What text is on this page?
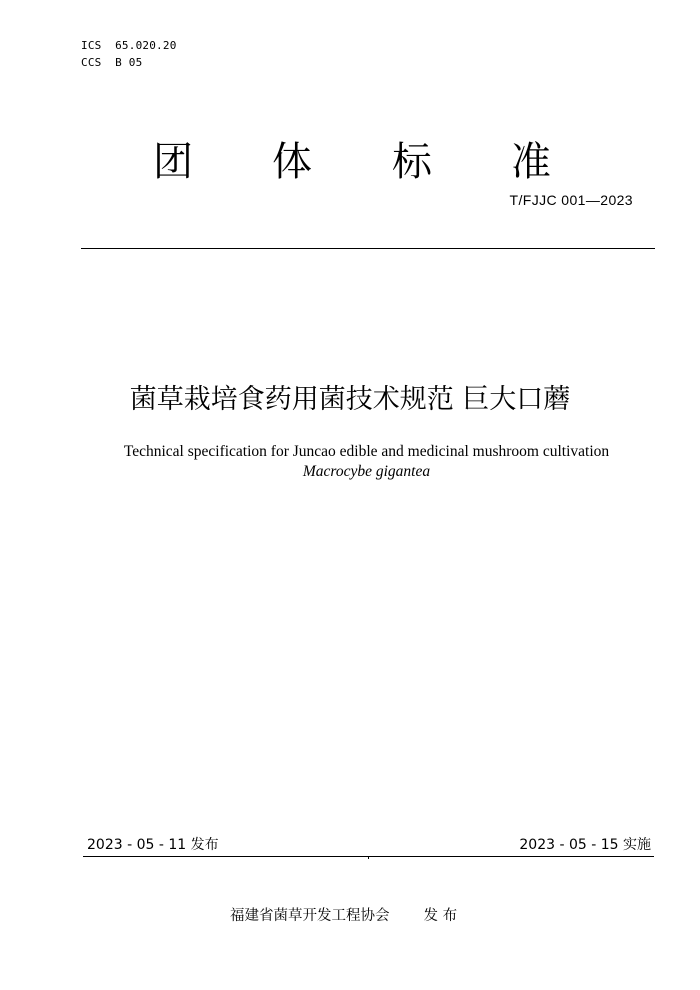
ICS  65.020.20
CCS  B 05
团 体 标 准
T/FJJC 001—2023
菌草栽培食药用菌技术规范 巨大口蘑
Technical specification for Juncao edible and medicinal mushroom cultivation
Macrocybe gigantea
2023 - 05 - 11 发布	2023 - 05 - 15 实施
福建省菌草开发工程协会 发 布
